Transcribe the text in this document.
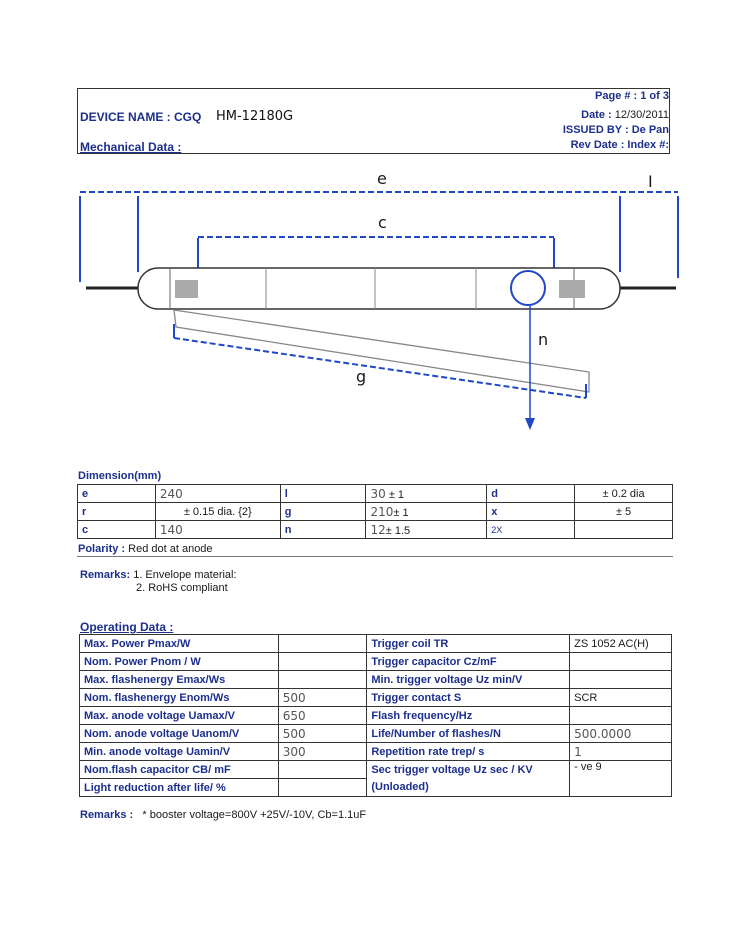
DEVICE NAME : CGQ HM-12180G
Mechanical Data :
Page # : 1 of 3
Date : 12/30/2011
ISSUED BY : De Pan
Rev Date : Index #:
e	I
c
n
g
Dimension(mm)
e	240	l	30 ± 1	d	± 0.2 dia
r	± 0.15 dia. {2}	g	210± 1	x	± 5
c	140	n	12± 1.5	2X	
Polarity : Red dot at anode
Remarks: 1. Envelope material:
2. RoHS compliant
Operating Data :
Max. Power Pmax/W		Trigger coil TR	ZS 1052 AC(H)
Nom. Power Pnom / W		Trigger capacitor Cz/mF	
Max. flashenergy Emax/Ws		Min. trigger voltage Uz min/V	
Nom. flashenergy Enom/Ws	500	Trigger contact S	SCR
Max. anode voltage Uamax/V	650	Flash frequency/Hz	
Nom. anode voltage Uanom/V	500	Life/Number of flashes/N	500.0000
Min. anode voltage Uamin/V	300	Repetition rate trep/ s	1
Nom.flash capacitor CB/ mF		Sec trigger voltage Uz sec / KV	- ve 9
Light reduction after life/ %		(Unloaded)	
Remarks : * booster voltage=800V +25V/-10V, Cb=1.1uF
